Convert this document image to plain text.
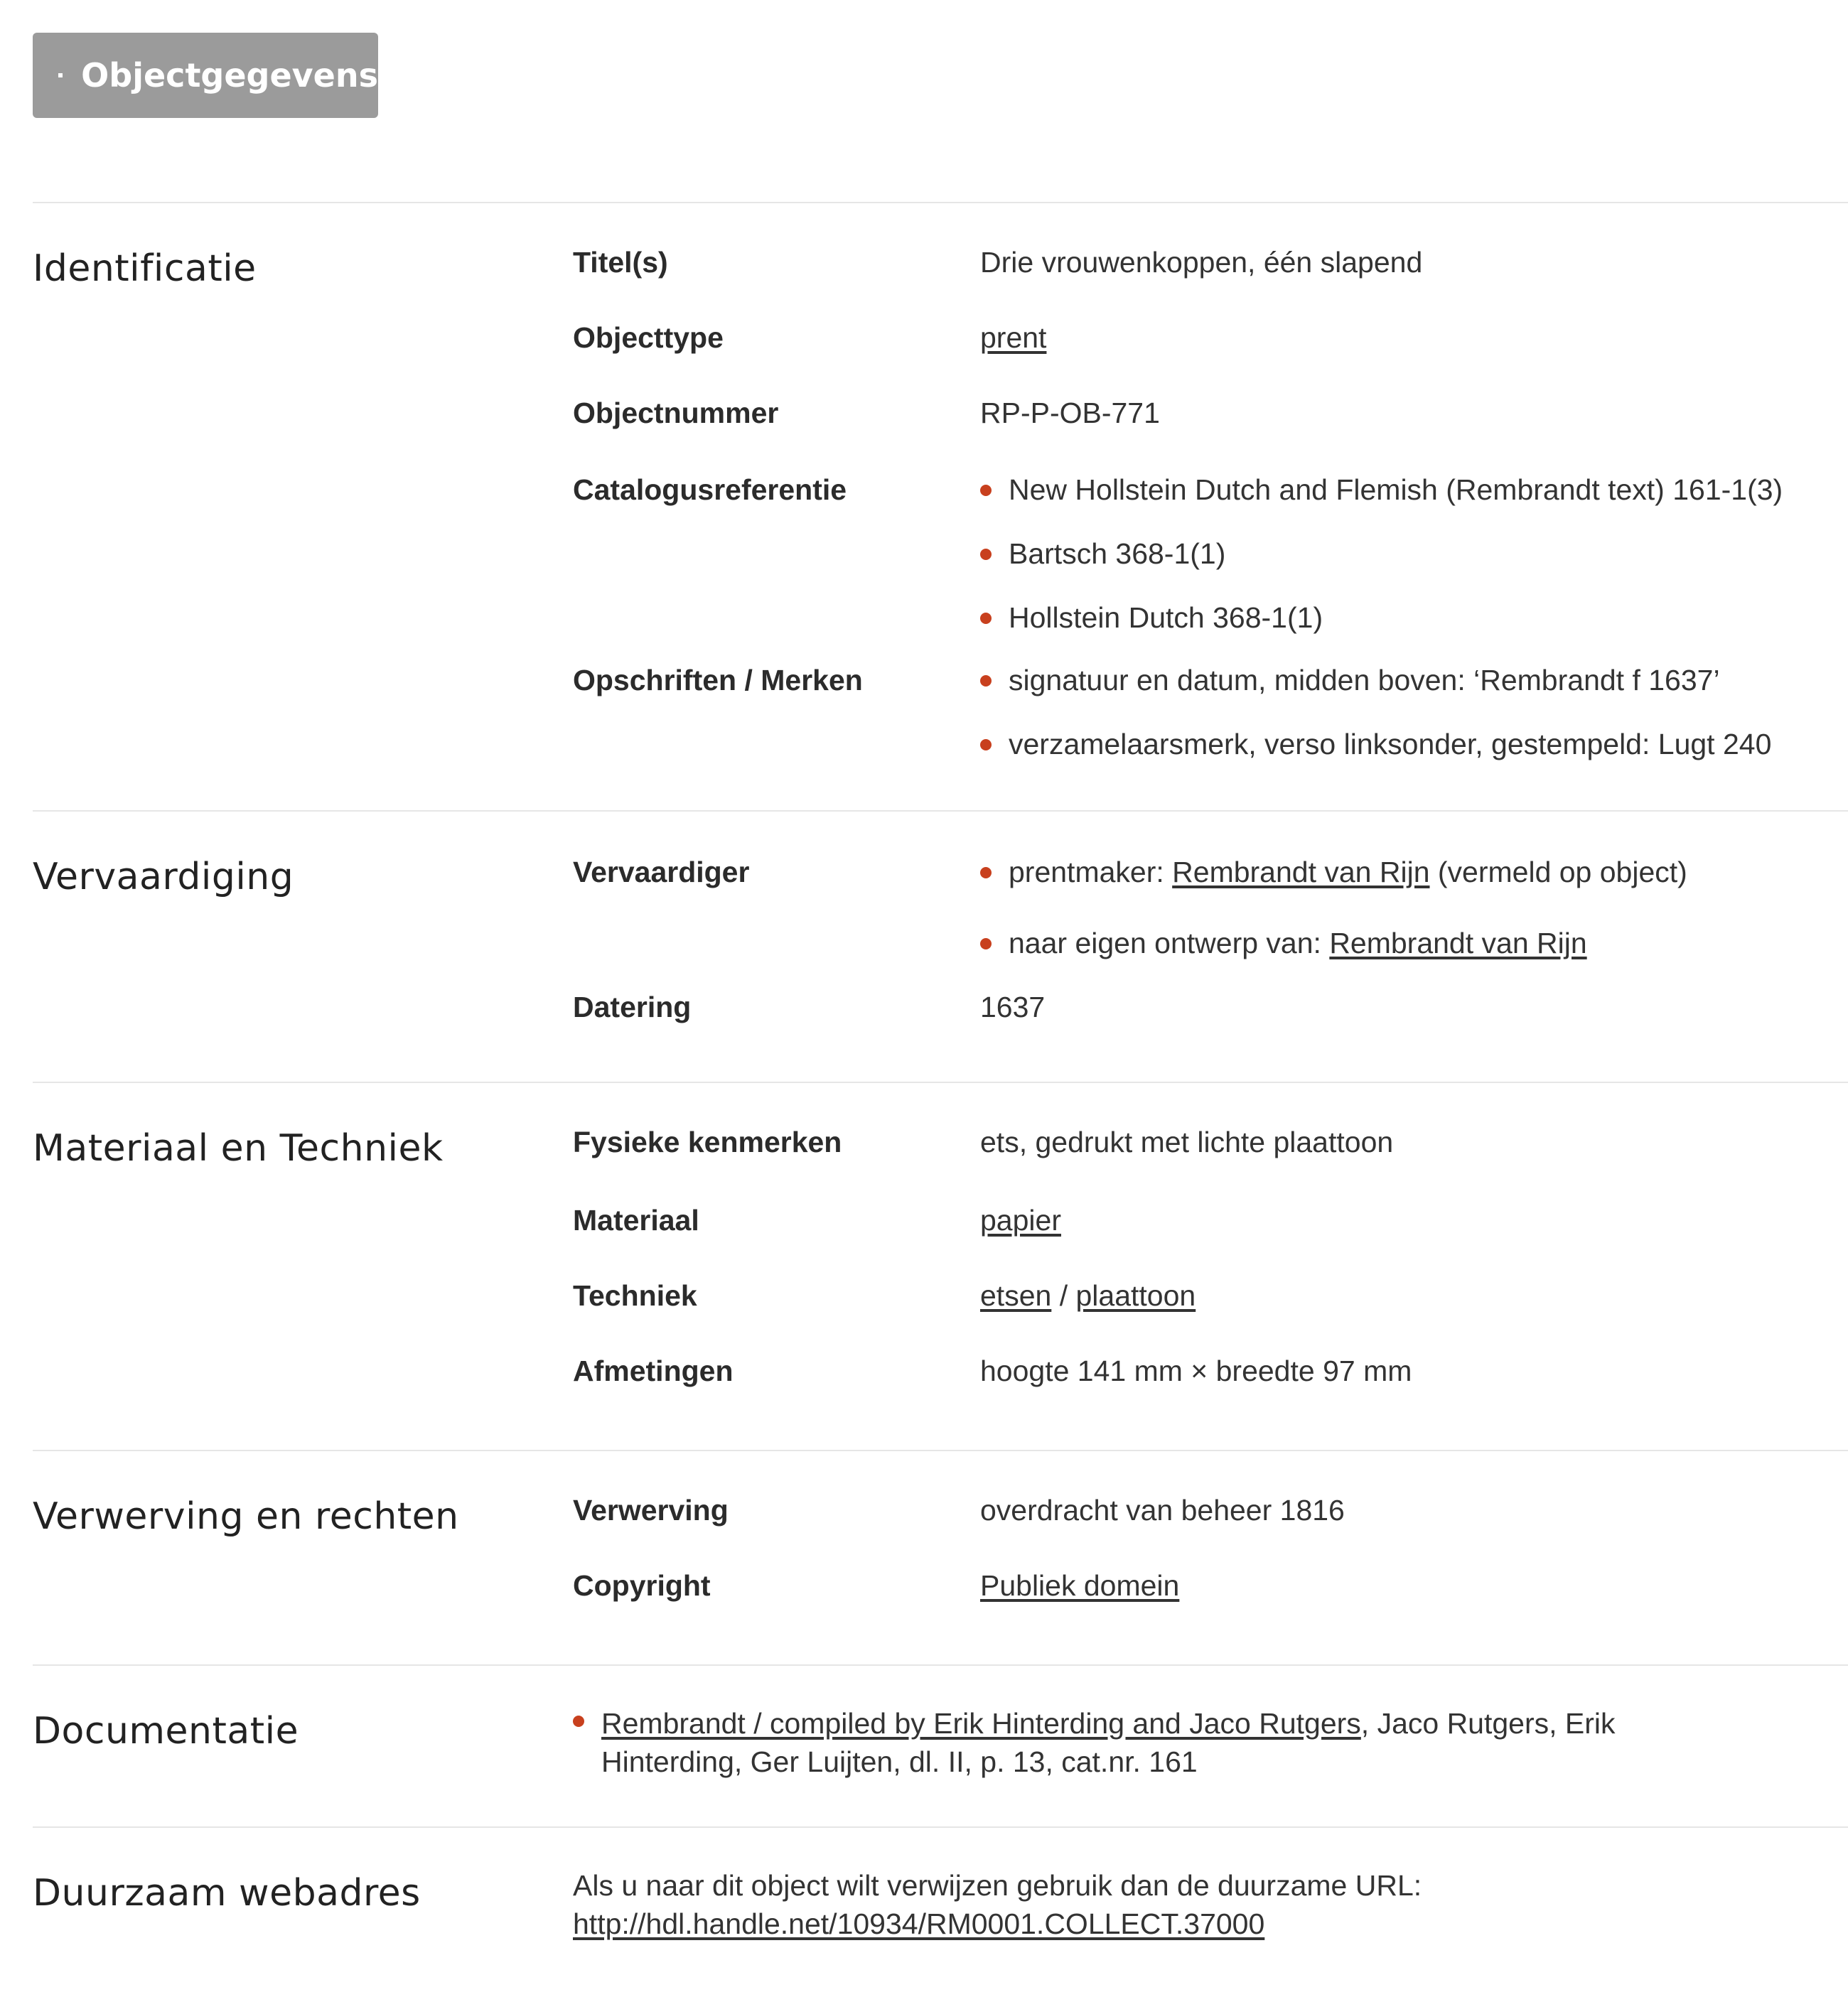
Objectgegevens
Identificatie	Titel(s)	Drie vrouwenkoppen, één slapend
Objecttype	prent
Objectnummer	RP-P-OB-771
Catalogusreferentie	New Hollstein Dutch and Flemish (Rembrandt text) 161-1(3)
Bartsch 368-1(1)
Hollstein Dutch 368-1(1)
Opschriften / Merken	signatuur en datum, midden boven: ‘Rembrandt f 1637’
verzamelaarsmerk, verso linksonder, gestempeld: Lugt 240
Vervaardiging	Vervaardiger	prentmaker: Rembrandt van Rijn (vermeld op object)
naar eigen ontwerp van: Rembrandt van Rijn
Datering	1637
Materiaal en Techniek	Fysieke kenmerken	ets, gedrukt met lichte plaattoon
Materiaal	papier
Techniek	etsen / plaattoon
Afmetingen	hoogte 141 mm × breedte 97 mm
Verwerving en rechten	Verwerving	overdracht van beheer 1816
Copyright	Publiek domein
Documentatie	Rembrandt / compiled by Erik Hinterding and Jaco Rutgers, Jaco Rutgers, Erik Hinterding, Ger Luijten, dl. II, p. 13, cat.nr. 161
Duurzaam webadres	Als u naar dit object wilt verwijzen gebruik dan de duurzame URL:
http://hdl.handle.net/10934/RM0001.COLLECT.37000
